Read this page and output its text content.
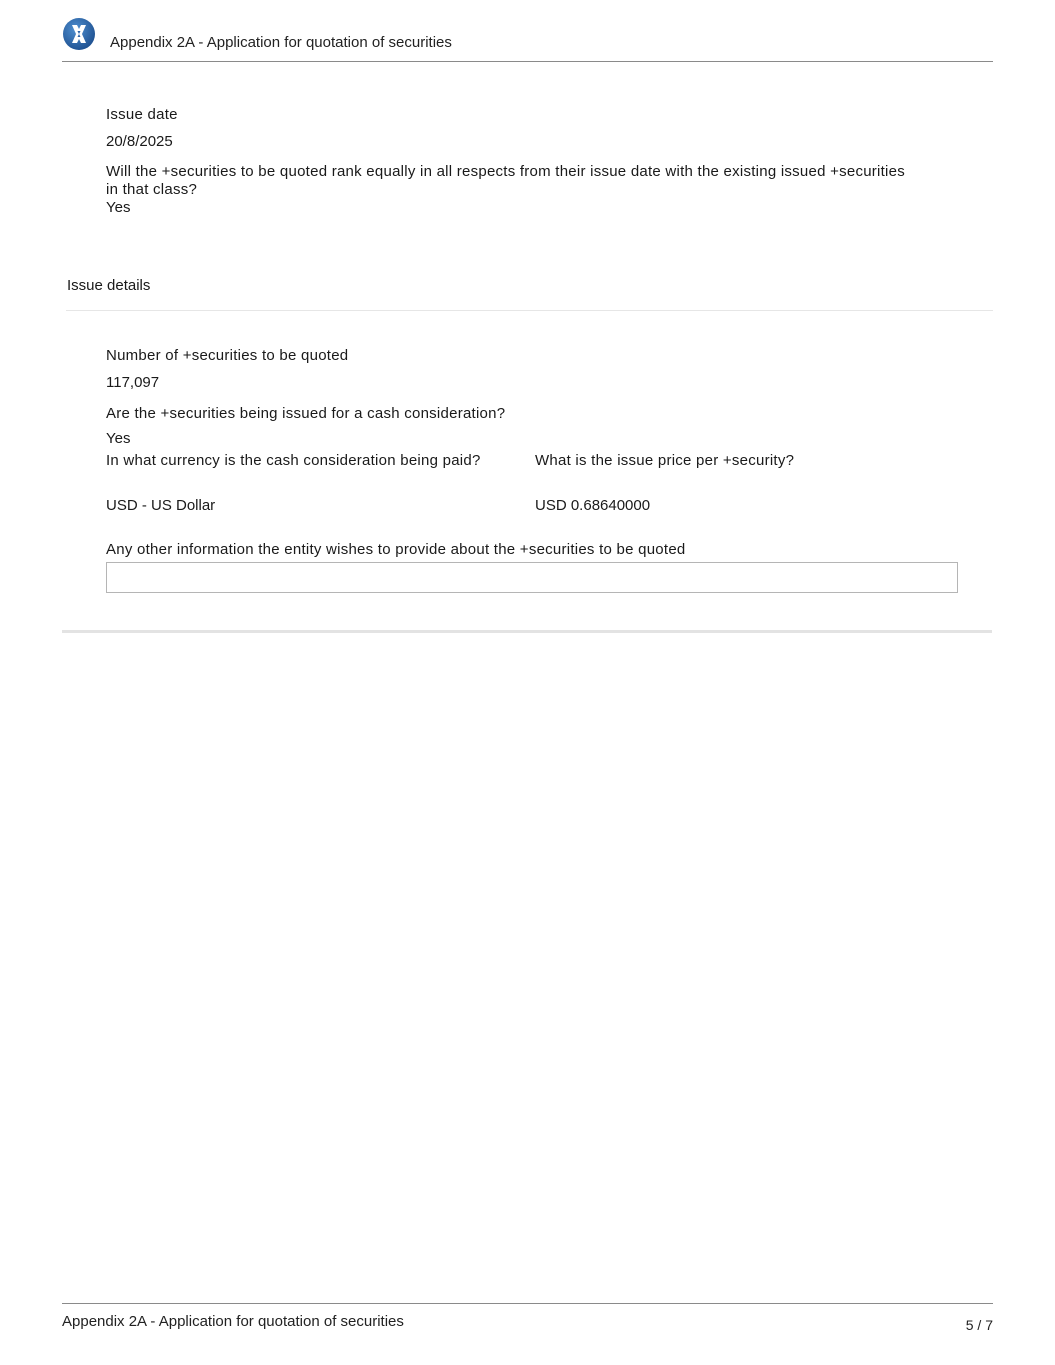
Appendix 2A - Application for quotation of securities
Issue date
20/8/2025
Will the +securities to be quoted rank equally in all respects from their issue date with the existing issued +securities in that class?
Yes
Issue details
Number of +securities to be quoted
117,097
Are the +securities being issued for a cash consideration?
Yes
In what currency is the cash consideration being paid?	What is the issue price per +security?
USD - US Dollar	USD 0.68640000
Any other information the entity wishes to provide about the +securities to be quoted
Appendix 2A - Application for quotation of securities	5 / 7
